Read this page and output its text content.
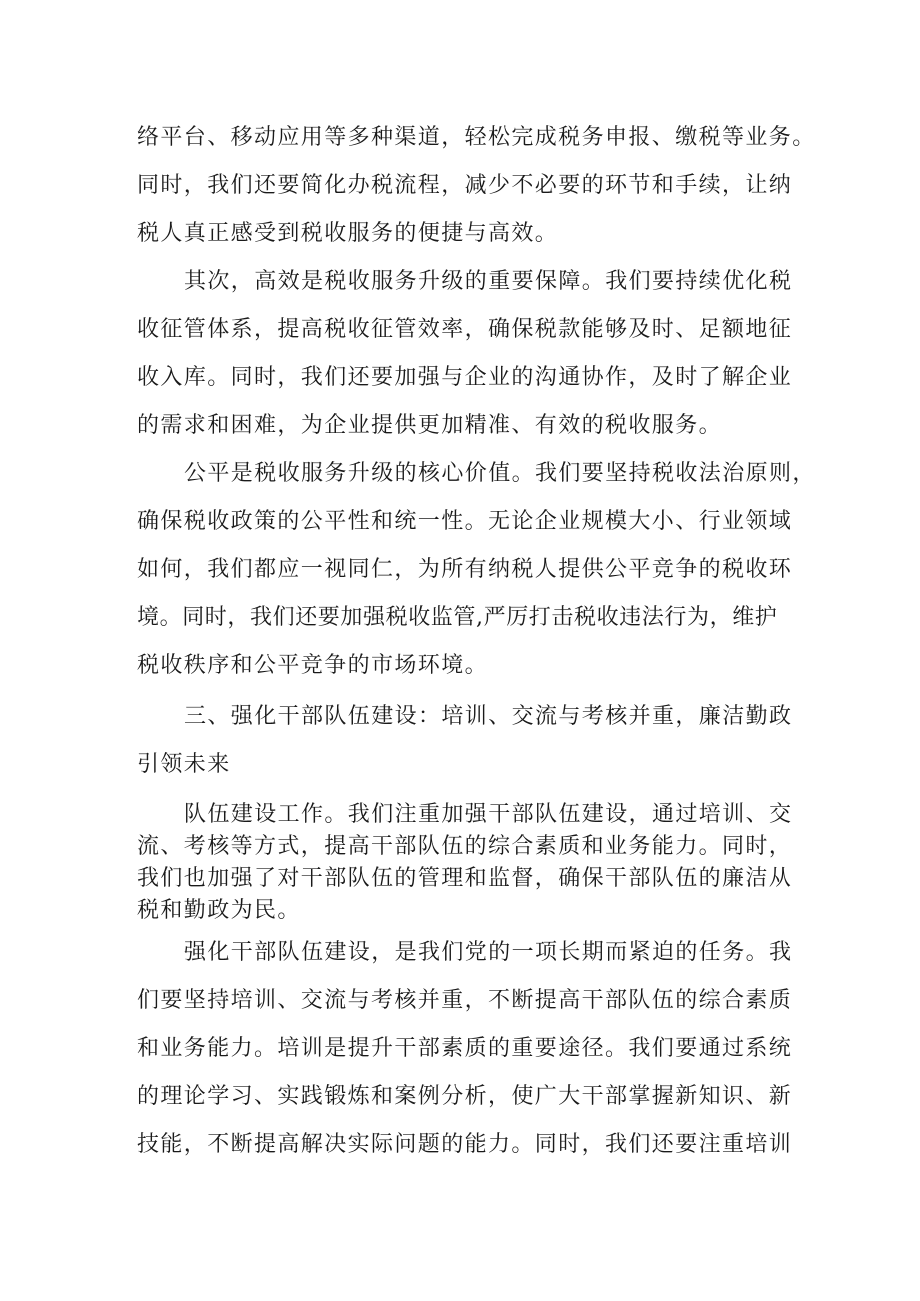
络平台、移动应用等多种渠道，轻松完成税务申报、缴税等业务。
同时，我们还要简化办税流程，减少不必要的环节和手续，让纳
税人真正感受到税收服务的便捷与高效。
其次，高效是税收服务升级的重要保障。我们要持续优化税
收征管体系，提高税收征管效率，确保税款能够及时、足额地征
收入库。同时，我们还要加强与企业的沟通协作，及时了解企业
的需求和困难，为企业提供更加精准、有效的税收服务。
公平是税收服务升级的核心价值。我们要坚持税收法治原则，
确保税收政策的公平性和统一性。无论企业规模大小、行业领域
如何，我们都应一视同仁，为所有纳税人提供公平竞争的税收环
境。同时，我们还要加强税收监管,严厉打击税收违法行为，维护
税收秩序和公平竞争的市场环境。
三、强化干部队伍建设：培训、交流与考核并重，廉洁勤政
引领未来
队伍建设工作。我们注重加强干部队伍建设，通过培训、交
流、考核等方式，提高干部队伍的综合素质和业务能力。同时，
我们也加强了对干部队伍的管理和监督，确保干部队伍的廉洁从
税和勤政为民。
强化干部队伍建设，是我们党的一项长期而紧迫的任务。我
们要坚持培训、交流与考核并重，不断提高干部队伍的综合素质
和业务能力。培训是提升干部素质的重要途径。我们要通过系统
的理论学习、实践锻炼和案例分析，使广大干部掌握新知识、新
技能，不断提高解决实际问题的能力。同时，我们还要注重培训
